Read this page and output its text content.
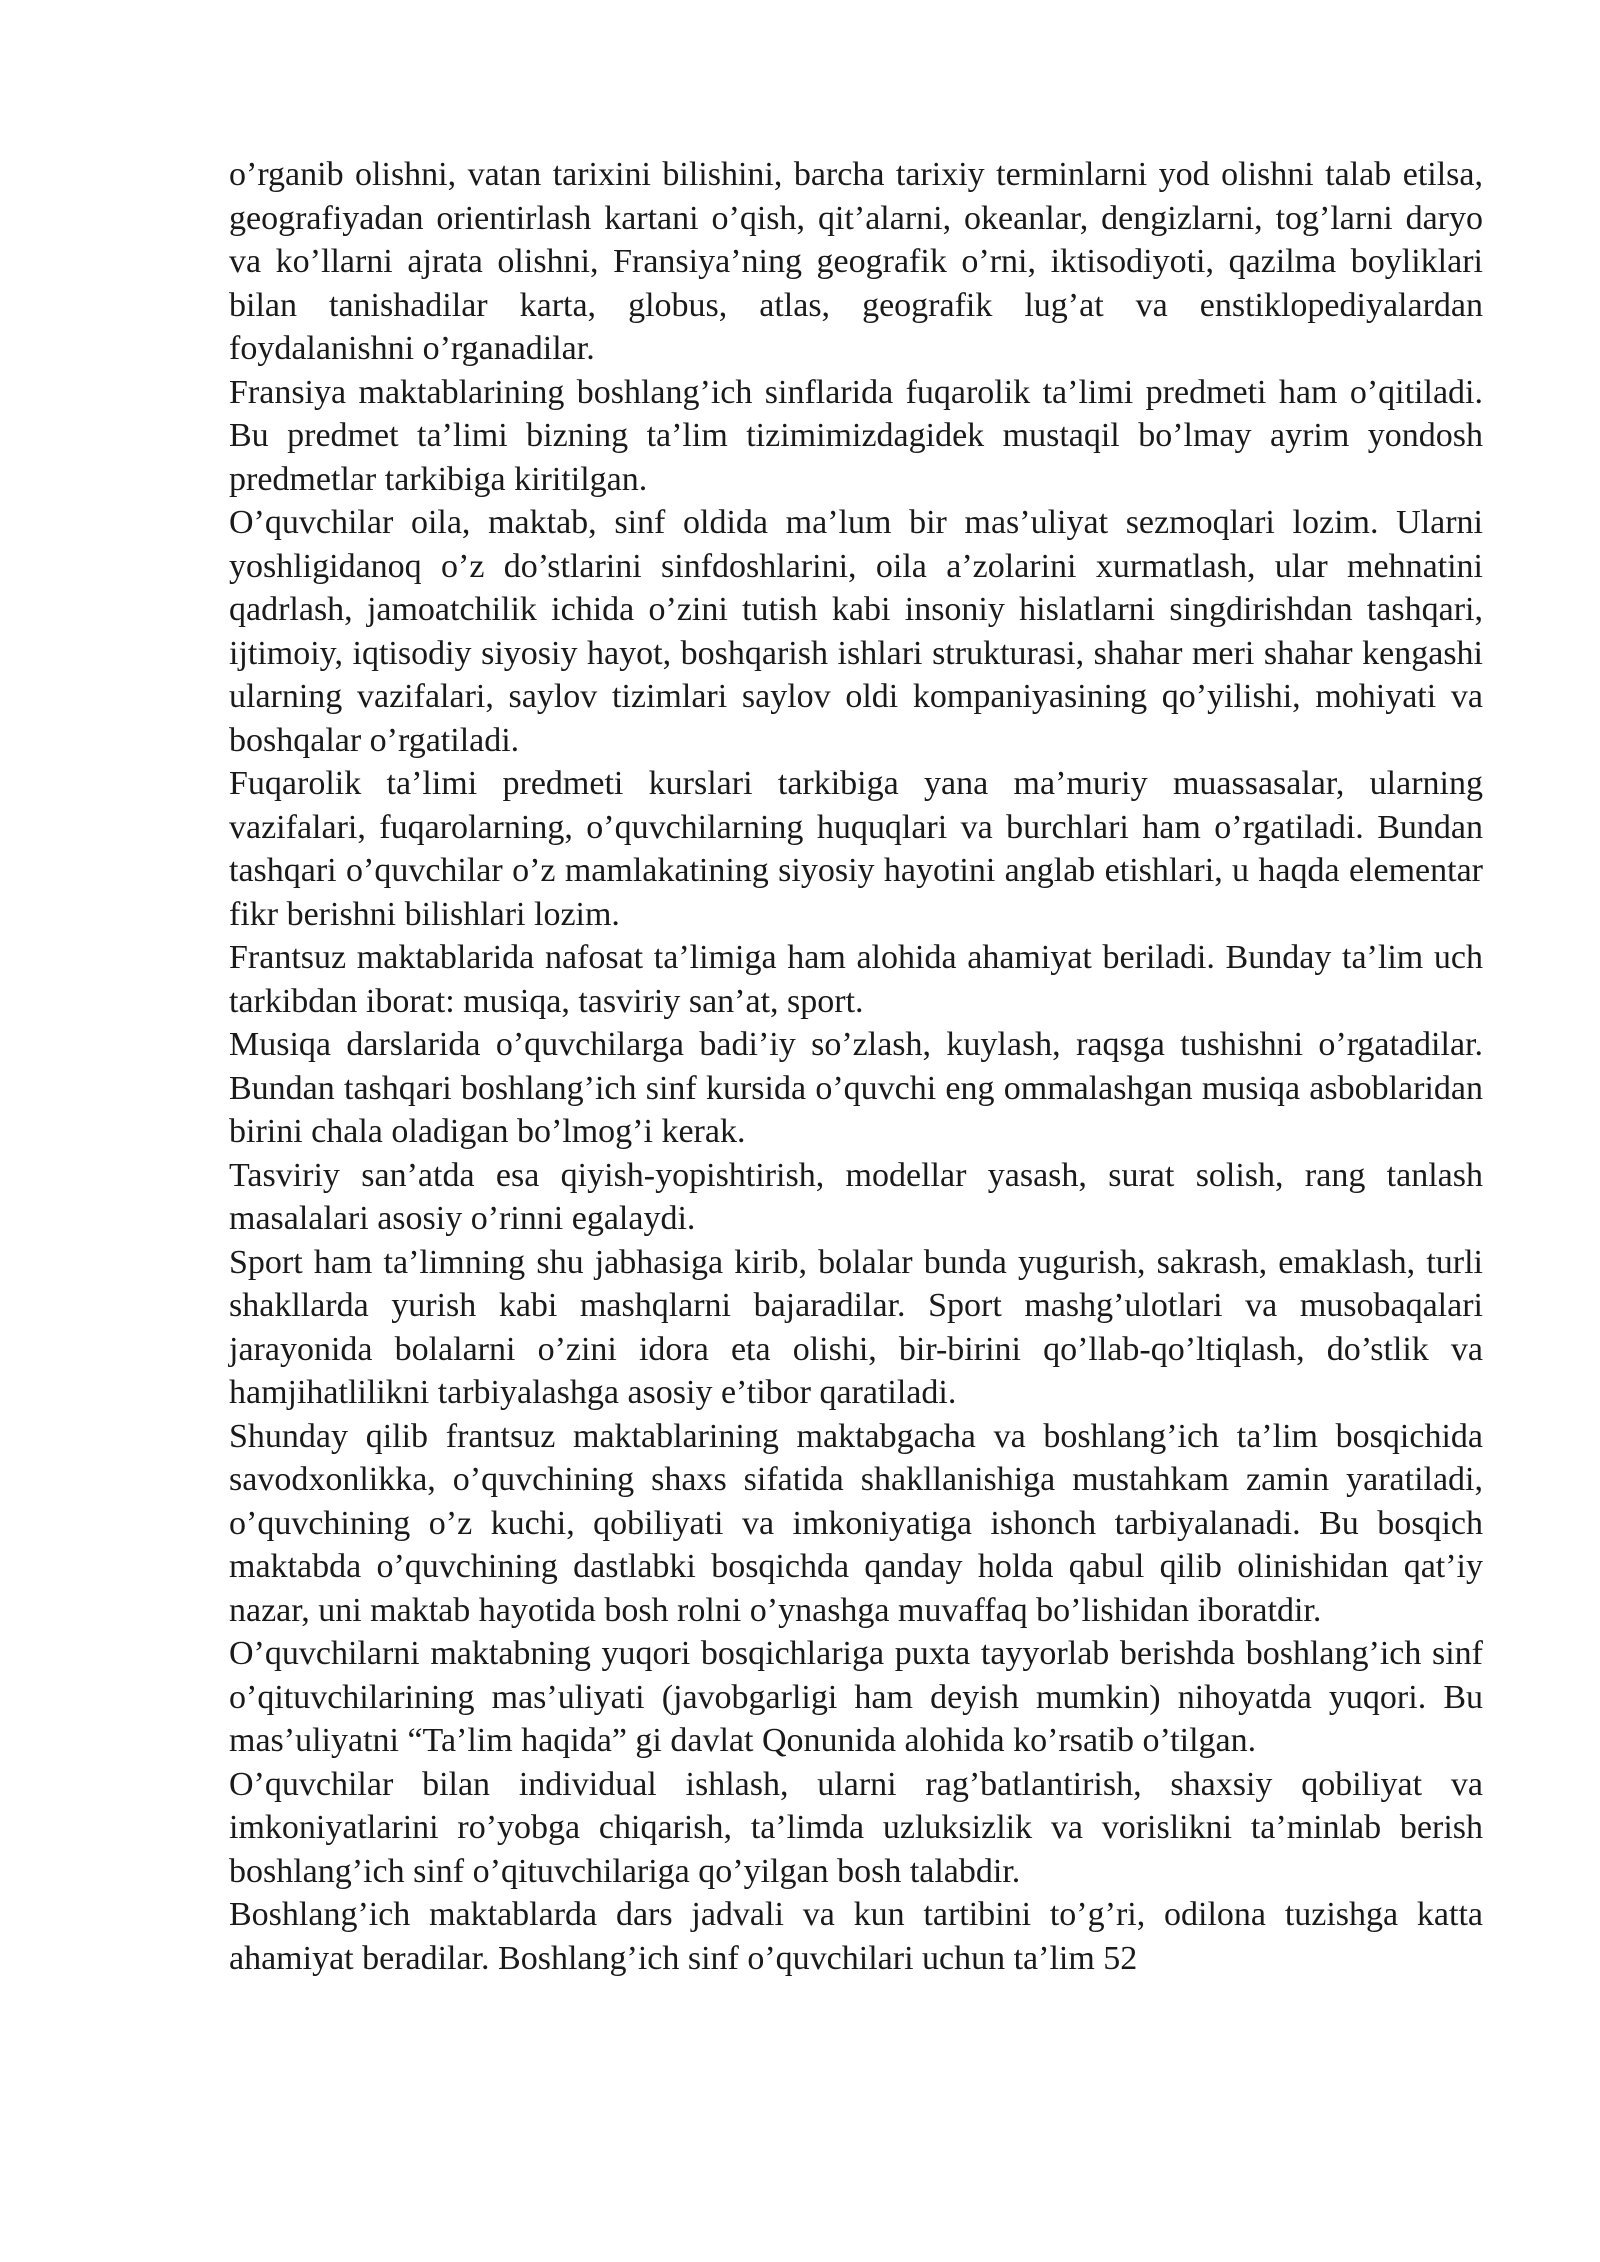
o’rganib olishni, vatan tarixini bilishini, barcha tarixiy terminlarni yod olishni talab etilsa, geografiyadan orientirlash kartani o’qish, qit’alarni, okeanlar, dengizlarni, tog’larni daryo va ko’llarni ajrata olishni, Fransiya’ning geografik o’rni, iktisodiyoti, qazilma boyliklari bilan tanishadilar karta, globus, atlas, geografik lug’at va enstiklopediyalardan foydalanishni o’rganadilar.

Fransiya maktablarining boshlang’ich sinflarida fuqarolik ta’limi predmeti ham o’qitiladi. Bu predmet ta’limi bizning ta’lim tizimimizdagidek mustaqil bo’lmay ayrim yondosh predmetlar tarkibiga kiritilgan.

O’quvchilar oila, maktab, sinf oldida ma’lum bir mas’uliyat sezmoqlari lozim. Ularni yoshligidanoq o’z do’stlarini sinfdoshlarini, oila a’zolarini xurmatlash, ular mehnatini qadrlash, jamoatchilik ichida o’zini tutish kabi insoniy hislatlarni singdirishdan tashqari, ijtimoiy, iqtisodiy siyosiy hayot, boshqarish ishlari strukturasi, shahar meri shahar kengashi ularning vazifalari, saylov tizimlari saylov oldi kompaniyasining qo’yilishi, mohiyati va boshqalar o’rgatiladi.

Fuqarolik ta’limi predmeti kurslari tarkibiga yana ma’muriy muassasalar, ularning vazifalari, fuqarolarning, o’quvchilarning huquqlari va burchlari ham o’rgatiladi. Bundan tashqari o’quvchilar o’z mamlakatining siyosiy hayotini anglab etishlari, u haqda elementar fikr berishni bilishlari lozim.

Frantsuz maktablarida nafosat ta’limiga ham alohida ahamiyat beriladi. Bunday ta’lim uch tarkibdan iborat: musiqa, tasviriy san’at, sport.

Musiqa darslarida o’quvchilarga badi’iy so’zlash, kuylash, raqsga tushishni o’rgatadilar. Bundan tashqari boshlang’ich sinf kursida o’quvchi eng ommalashgan musiqa asboblaridan birini chala oladigan bo’lmog’i kerak.

Tasviriy san’atda esa qiyish-yopishtirish, modellar yasash, surat solish, rang tanlash masalalari asosiy o’rinni egalaydi.

Sport ham ta’limning shu jabhasiga kirib, bolalar bunda yugurish, sakrash, emaklash, turli shakllarda yurish kabi mashqlarni bajaradilar. Sport mashg’ulotlari va musobaqalari jarayonida bolalarni o’zini idora eta olishi, bir-birini qo’llab-qo’ltiqlash, do’stlik va hamjihatlilikni tarbiyalashga asosiy e’tibor qaratiladi.

Shunday qilib frantsuz maktablarining maktabgacha va boshlang’ich ta’lim bosqichida savodxonlikka, o’quvchining shaxs sifatida shakllanishiga mustahkam zamin yaratiladi, o’quvchining o’z kuchi, qobiliyati va imkoniyatiga ishonch tarbiyalanadi. Bu bosqich maktabda o’quvchining dastlabki bosqichda qanday holda qabul qilib olinishidan qat’iy nazar, uni maktab hayotida bosh rolni o’ynashga muvaffaq bo’lishidan iboratdir.

O’quvchilarni maktabning yuqori bosqichlariga puxta tayyorlab berishda boshlang’ich sinf o’qituvchilarining mas’uliyati (javobgarligi ham deyish mumkin) nihoyatda yuqori. Bu mas’uliyatni “Ta’lim haqida” gi davlat Qonunida alohida ko’rsatib o’tilgan.

O’quvchilar bilan individual ishlash, ularni rag’batlantirish, shaxsiy qobiliyat va imkoniyatlarini ro’yobga chiqarish, ta’limda uzluksizlik va vorislikni ta’minlab berish boshlang’ich sinf o’qituvchilariga qo’yilgan bosh talabdir.

Boshlang’ich maktablarda dars jadvali va kun tartibini to’g’ri, odilona tuzishga katta ahamiyat beradilar. Boshlang’ich sinf o’quvchilari uchun ta’lim 52
